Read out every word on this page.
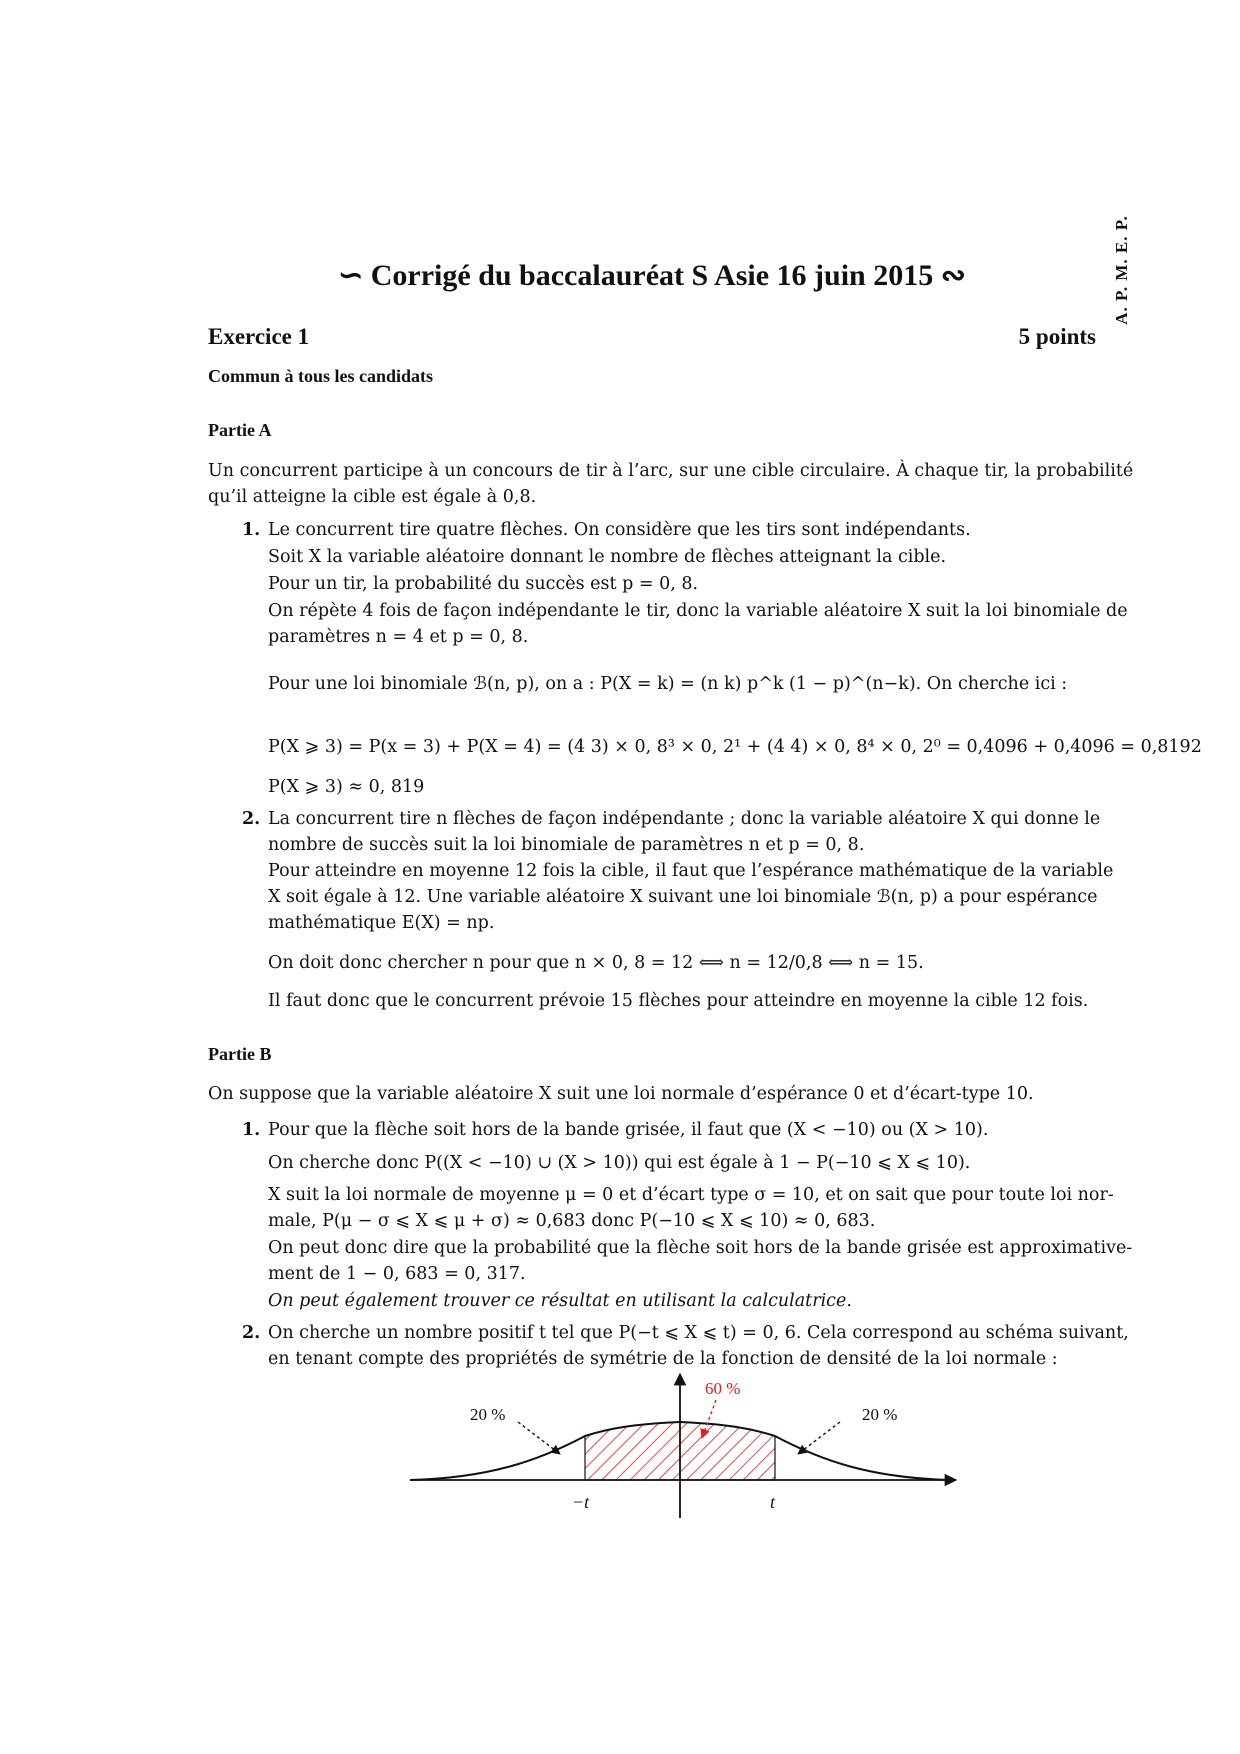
A. P. M. E. P.
∽ Corrigé du baccalauréat S Asie 16 juin 2015 ∾
Exercice 1	5 points
Commun à tous les candidats
Partie A
Un concurrent participe à un concours de tir à l’arc, sur une cible circulaire. À chaque tir, la probabilité
qu’il atteigne la cible est égale à 0,8.
1. Le concurrent tire quatre flèches. On considère que les tirs sont indépendants.
Soit X la variable aléatoire donnant le nombre de flèches atteignant la cible.
Pour un tir, la probabilité du succès est p = 0, 8.
On répète 4 fois de façon indépendante le tir, donc la variable aléatoire X suit la loi binomiale de
paramètres n = 4 et p = 0, 8.
Pour une loi binomiale ℬ(n, p), on a : P(X = k) = (n k) p^k (1 − p)^(n−k). On cherche ici :
P(X ⩾ 3) = P(x = 3) + P(X = 4) = (4 3) × 0, 8³ × 0, 2¹ + (4 4) × 0, 8⁴ × 0, 2⁰ = 0,4096 + 0,4096 = 0,8192
P(X ⩾ 3) ≈ 0, 819
2. La concurrent tire n flèches de façon indépendante ; donc la variable aléatoire X qui donne le
nombre de succès suit la loi binomiale de paramètres n et p = 0, 8.
Pour atteindre en moyenne 12 fois la cible, il faut que l’espérance mathématique de la variable
X soit égale à 12. Une variable aléatoire X suivant une loi binomiale ℬ(n, p) a pour espérance
mathématique E(X) = np.
On doit donc chercher n pour que n × 0, 8 = 12 ⟺ n = 12/0,8 ⟺ n = 15.
Il faut donc que le concurrent prévoie 15 flèches pour atteindre en moyenne la cible 12 fois.
Partie B
On suppose que la variable aléatoire X suit une loi normale d’espérance 0 et d’écart-type 10.
1. Pour que la flèche soit hors de la bande grisée, il faut que (X < −10) ou (X > 10).
On cherche donc P((X < −10) ∪ (X > 10)) qui est égale à 1 − P(−10 ⩽ X ⩽ 10).
X suit la loi normale de moyenne μ = 0 et d’écart type σ = 10, et on sait que pour toute loi nor-
male, P(μ − σ ⩽ X ⩽ μ + σ) ≈ 0,683 donc P(−10 ⩽ X ⩽ 10) ≈ 0, 683.
On peut donc dire que la probabilité que la flèche soit hors de la bande grisée est approximative-
ment de 1 − 0, 683 = 0, 317.
On peut également trouver ce résultat en utilisant la calculatrice.
2. On cherche un nombre positif t tel que P(−t ⩽ X ⩽ t) = 0, 6. Cela correspond au schéma suivant,
en tenant compte des propriétés de symétrie de la fonction de densité de la loi normale :
20 %	20 %
60 %
−t	t
